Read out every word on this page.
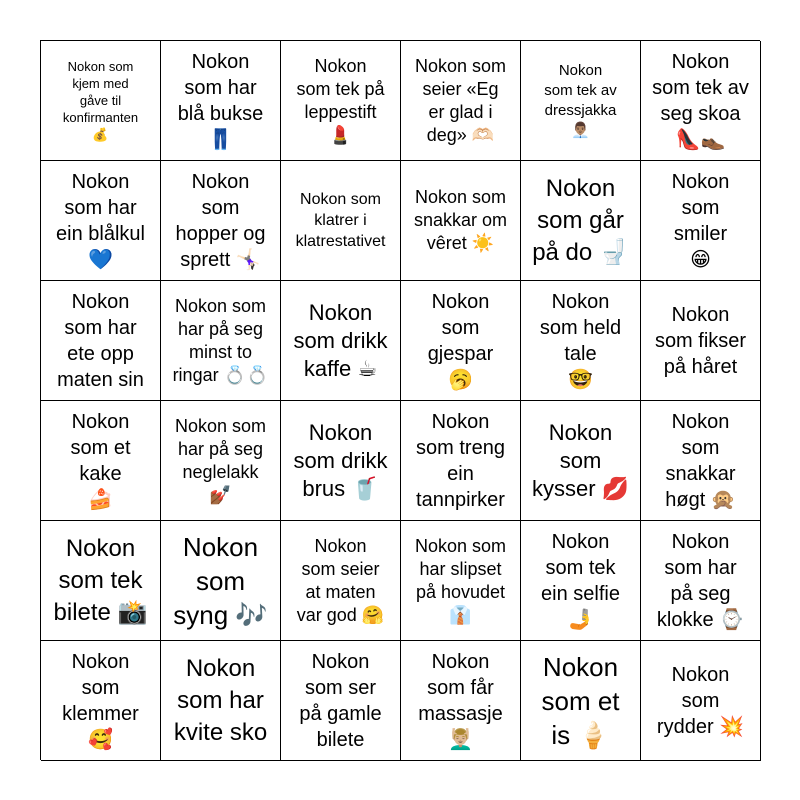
Nokon som
kjem med
gåve til
konfirmanten
💰
Nokon
som har
blå bukse
👖
Nokon
som tek på
leppestift
💄
Nokon som
seier «Eg
er glad i
deg» 🫶🏻
Nokon
som tek av
dressjakka
👨🏽‍💼
Nokon
som tek av
seg skoa
👠👞
Nokon
som har
ein blålkul
💙
Nokon
som
hopper og
sprett 🤸🏻‍♀️
Nokon som
klatrer i
klatrestativet
Nokon som
snakkar om
vêret ☀️
Nokon
som går
på do 🚽
Nokon
som
smiler
😁
Nokon
som har
ete opp
maten sin
Nokon som
har på seg
minst to
ringar 💍💍
Nokon
som drikk
kaffe ☕
Nokon
som
gjespar
🥱
Nokon
som held
tale
🤓
Nokon
som fikser
på håret
Nokon
som et
kake
🍰
Nokon som
har på seg
neglelakk
💅🏾
Nokon
som drikk
brus 🥤
Nokon
som treng
ein
tannpirker
Nokon
som
kysser 💋
Nokon
som
snakkar
høgt 🙊
Nokon
som tek
bilete 📸
Nokon
som
syng 🎶
Nokon
som seier
at maten
var god 🤗
Nokon som
har slipset
på hovudet
👔
Nokon
som tek
ein selfie
🤳
Nokon
som har
på seg
klokke ⌚
Nokon
som
klemmer
🥰
Nokon
som har
kvite sko
Nokon
som ser
på gamle
bilete
Nokon
som får
massasje
💆🏼‍♂️
Nokon
som et
is 🍦
Nokon
som
rydder 💥
